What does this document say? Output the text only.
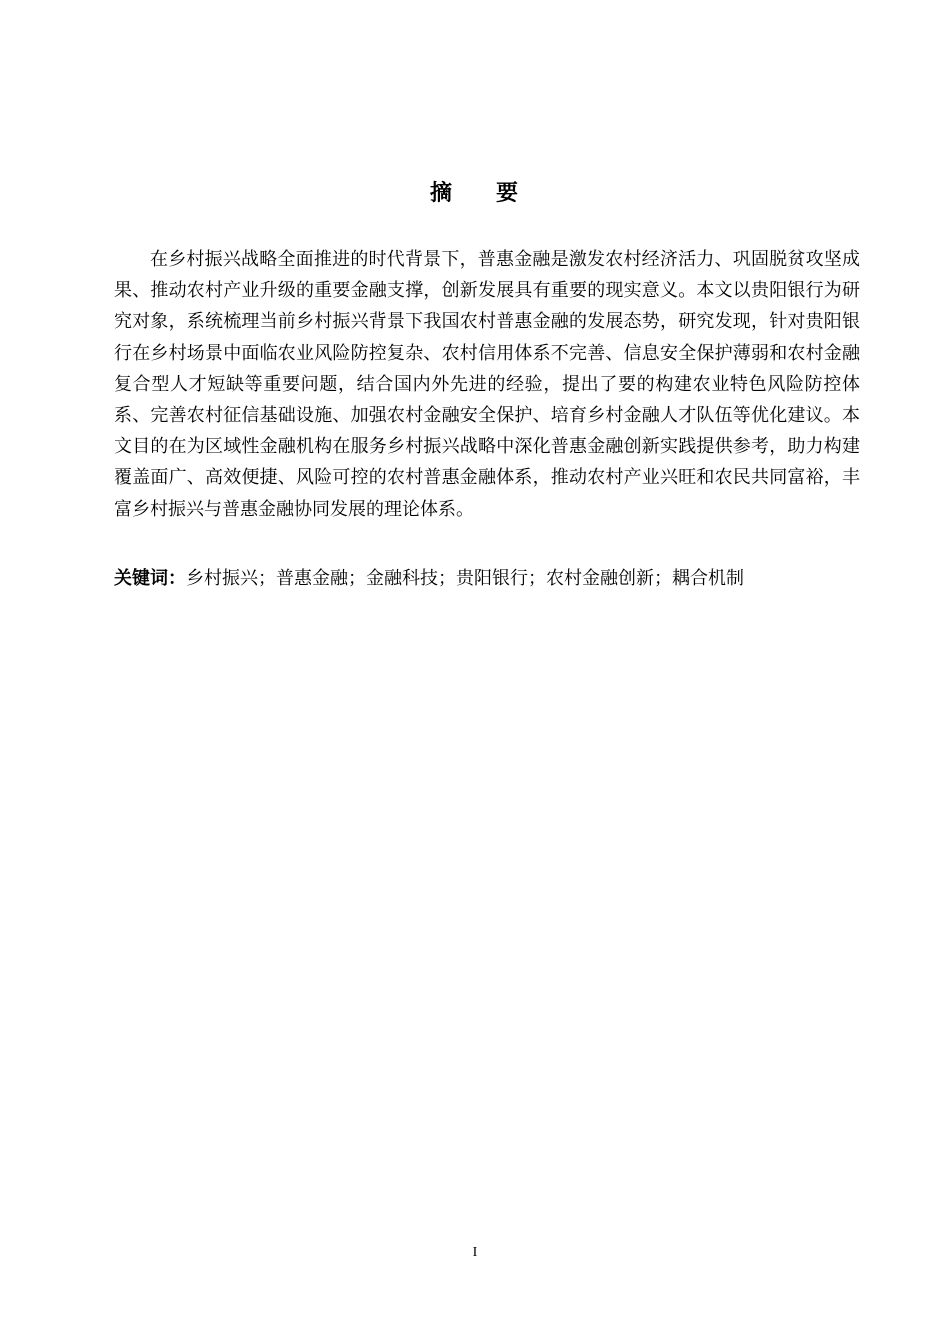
摘 要

在乡村振兴战略全面推进的时代背景下，普惠金融是激发农村经济活力、巩固脱贫攻坚成果、推动农村产业升级的重要金融支撑，创新发展具有重要的现实意义。本文以贵阳银行为研究对象，系统梳理当前乡村振兴背景下我国农村普惠金融的发展态势，研究发现，针对贵阳银行在乡村场景中面临农业风险防控复杂、农村信用体系不完善、信息安全保护薄弱和农村金融复合型人才短缺等重要问题，结合国内外先进的经验，提出了要的构建农业特色风险防控体系、完善农村征信基础设施、加强农村金融安全保护、培育乡村金融人才队伍等优化建议。本文目的在为区域性金融机构在服务乡村振兴战略中深化普惠金融创新实践提供参考，助力构建覆盖面广、高效便捷、风险可控的农村普惠金融体系，推动农村产业兴旺和农民共同富裕，丰富乡村振兴与普惠金融协同发展的理论体系。

关键词：乡村振兴；普惠金融；金融科技；贵阳银行；农村金融创新；耦合机制

I
